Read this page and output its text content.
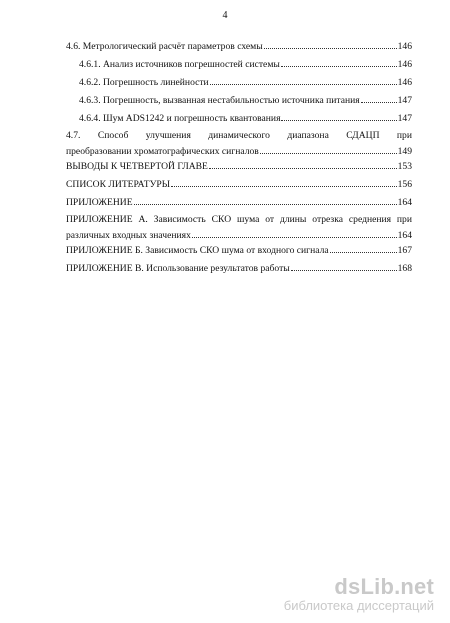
4
4.6. Метрологический расчёт параметров схемы	146
4.6.1. Анализ источников погрешностей системы	146
4.6.2. Погрешность линейности	146
4.6.3. Погрешность, вызванная нестабильностью источника питания	147
4.6.4. Шум ADS1242 и погрешность квантования	147
4.7. Способ улучшения динамического диапазона СДАЦП при
преобразовании хроматографических сигналов	149
ВЫВОДЫ К ЧЕТВЕРТОЙ ГЛАВЕ	153
СПИСОК ЛИТЕРАТУРЫ	156
ПРИЛОЖЕНИЕ	164
ПРИЛОЖЕНИЕ А. Зависимость СКО шума от длины отрезка среднения при
различных входных значениях	164
ПРИЛОЖЕНИЕ Б. Зависимость СКО шума от входного сигнала	167
ПРИЛОЖЕНИЕ В. Использование результатов работы	168
dsLib.net
библиотека диссертаций
